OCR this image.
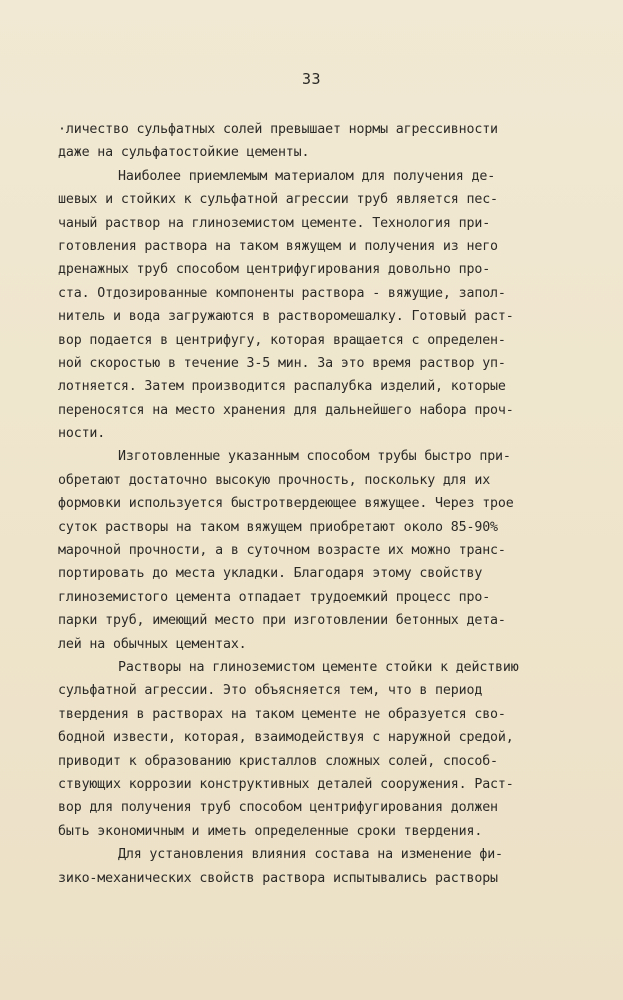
33
·личество сульфатных солей превышает нормы агрессивности
даже на сульфатостойкие цементы.
Наиболее приемлемым материалом для получения де-
шевых и стойких к сульфатной агрессии труб является пес-
чаный раствор на глиноземистом цементе. Технология при-
готовления раствора на таком вяжущем и получения из него
дренажных труб способом центрифугирования довольно про-
ста. Отдозированные компоненты раствора - вяжущие, запол-
нитель и вода загружаются в растворомешалку. Готовый раст-
вор подается в центрифугу, которая вращается с определен-
ной скоростью в течение 3-5 мин. За это время раствор уп-
лотняется. Затем производится распалубка изделий, которые
переносятся на место хранения для дальнейшего набора проч-
ности.
Изготовленные указанным способом трубы быстро при-
обретают достаточно высокую прочность, поскольку для их
формовки используется быстротвердеющее вяжущее. Через трое
суток растворы на таком вяжущем приобретают около 85-90%
марочной прочности, а в суточном возрасте их можно транс-
портировать до места укладки. Благодаря этому свойству
глиноземистого цемента отпадает трудоемкий процесс про-
парки труб, имеющий место при изготовлении бетонных дета-
лей на обычных цементах.
Растворы на глиноземистом цементе стойки к действию
сульфатной агрессии. Это объясняется тем, что в период
твердения в растворах на таком цементе не образуется сво-
бодной извести, которая, взаимодействуя с наружной средой,
приводит к образованию кристаллов сложных солей, способ-
ствующих коррозии конструктивных деталей сооружения. Раст-
вор для получения труб способом центрифугирования должен
быть экономичным и иметь определенные сроки твердения.
Для установления влияния состава на изменение фи-
зико-механических свойств раствора испытывались растворы
